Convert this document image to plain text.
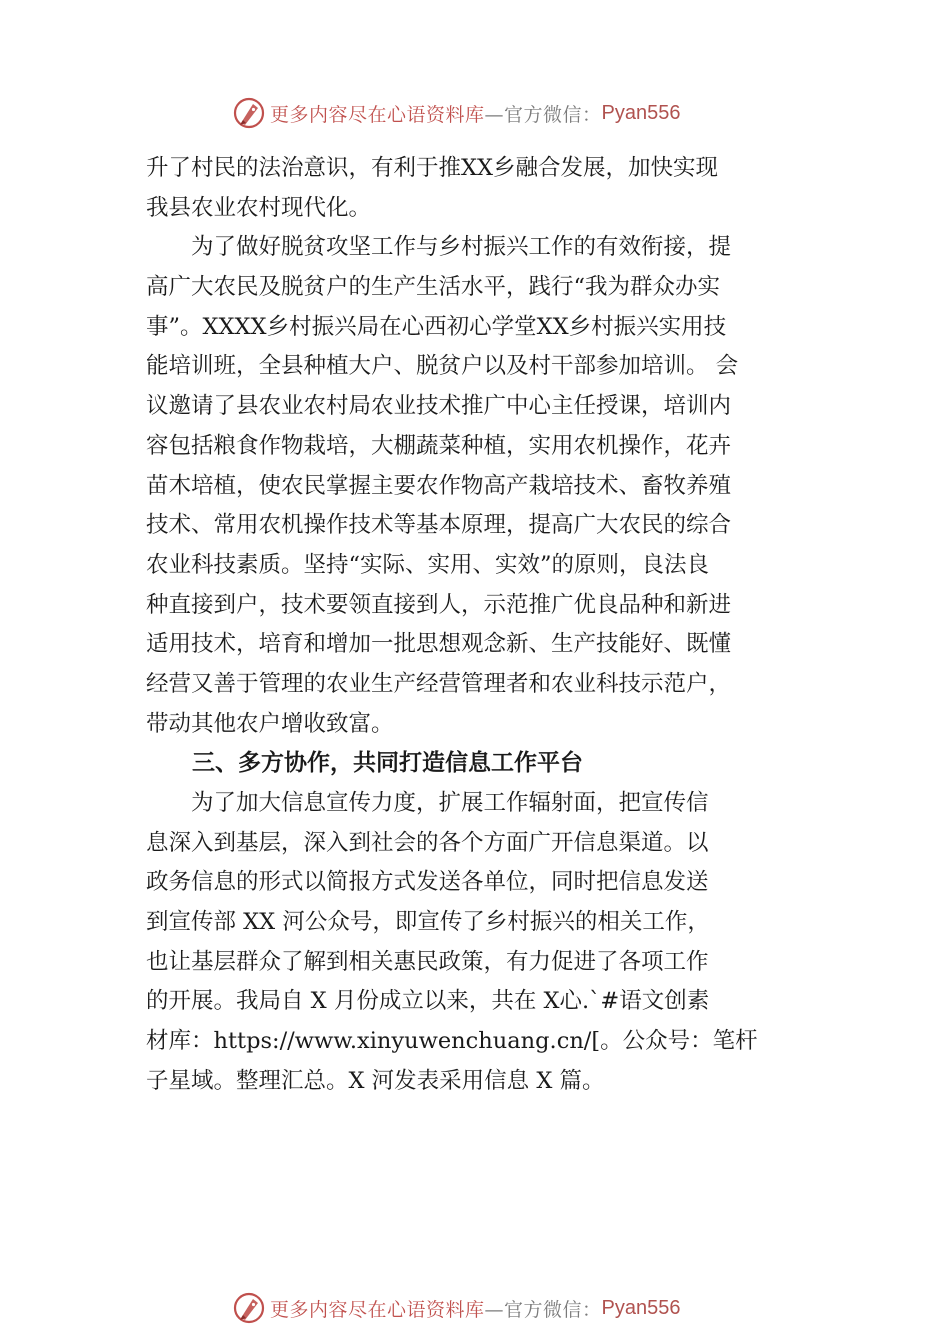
更多内容尽在心语资料库 —官方微信： Pyan556
升了村民的法治意识，有利于推XX乡融合发展，加快实现
我县农业农村现代化。
　　为了做好脱贫攻坚工作与乡村振兴工作的有效衔接，提
高广大农民及脱贫户的生产生活水平，践行“我为群众办实
事”。XXXX乡村振兴局在心西初心学堂XX乡村振兴实用技
能培训班，全县种植大户、脱贫户以及村干部参加培训。 会
议邀请了县农业农村局农业技术推广中心主任授课，培训内
容包括粮食作物栽培，大棚蔬菜种植，实用农机操作，花卉
苗木培植，使农民掌握主要农作物高产栽培技术、畜牧养殖
技术、常用农机操作技术等基本原理，提高广大农民的综合
农业科技素质。坚持“实际、实用、实效”的原则，良法良
种直接到户，技术要领直接到人，示范推广优良品种和新进
适用技术，培育和增加一批思想观念新、生产技能好、既懂
经营又善于管理的农业生产经营管理者和农业科技示范户，
带动其他农户增收致富。
　　三、多方协作，共同打造信息工作平台
　　为了加大信息宣传力度，扩展工作辐射面，把宣传信
息深入到基层，深入到社会的各个方面广开信息渠道。以
政务信息的形式以简报方式发送各单位，同时把信息发送
到宣传部 XX 河公众号，即宣传了乡村振兴的相关工作，
也让基层群众了解到相关惠民政策，有力促进了各项工作
的开展。我局自 X 月份成立以来，共在 X心.`#语文创素
材库：https://www.xinyuwenchuang.cn/[。公众号：笔杆
子星域。整理汇总。X 河发表采用信息 X 篇。
更多内容尽在心语资料库 —官方微信： Pyan556
